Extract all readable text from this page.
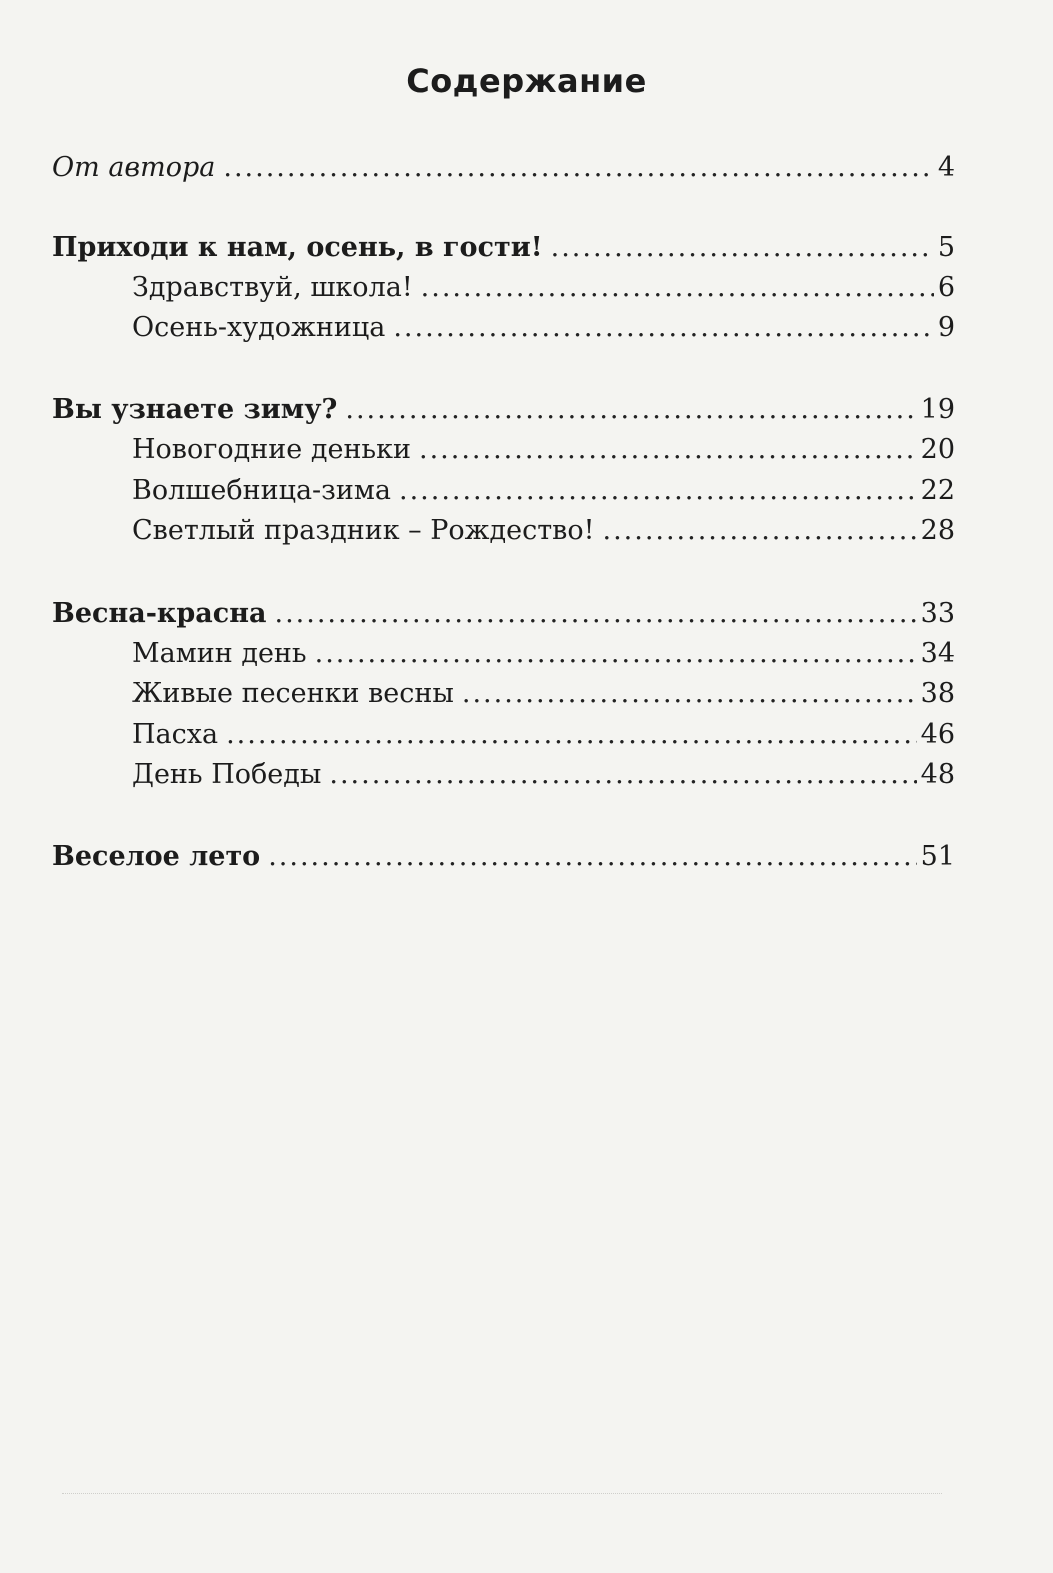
Содержание
От автора .....	4
Приходи к нам, осень, в гости! .....	5
Здравствуй, школа! .....	6
Осень-художница .....	9
Вы узнаете зиму? .....	19
Новогодние деньки .....	20
Волшебница-зима .....	22
Светлый праздник – Рождество! .....	28
Весна-красна .....	33
Мамин день .....	34
Живые песенки весны .....	38
Пасха .....	46
День Победы .....	48
Веселое лето .....	51
